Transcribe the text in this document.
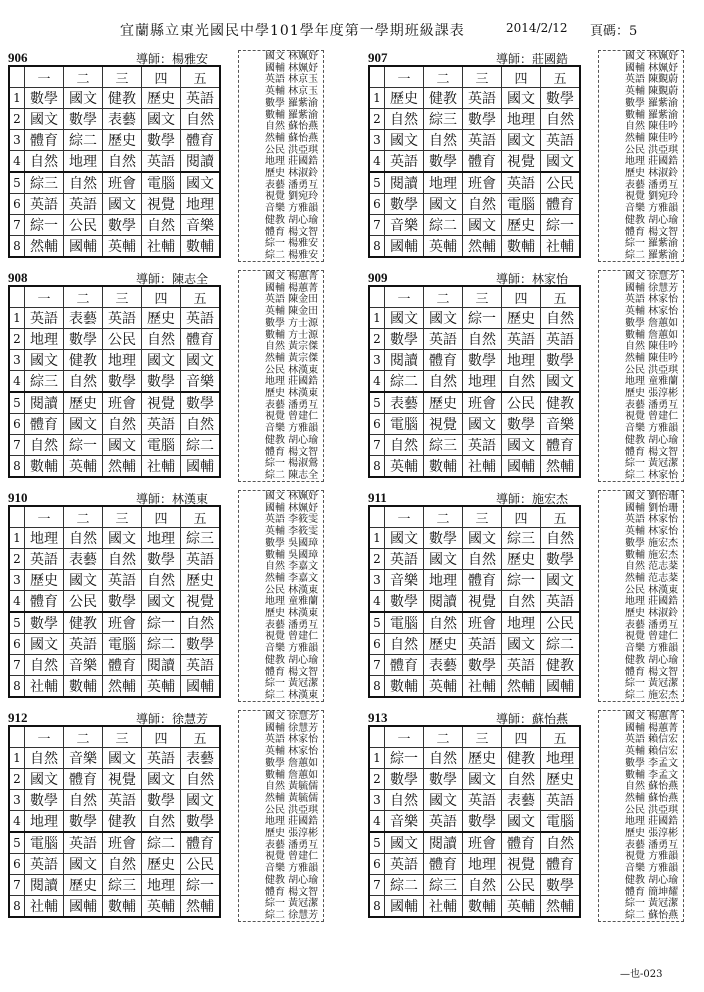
宜蘭縣立東光國民中學101學年度第一學期班級課表	2014/2/12 頁碼：5
906	導師：楊雅安
	一	二	三	四	五
1	數學	國文	健教	歷史	英語
2	國文	數學	表藝	國文	自然
3	體育	綜二	歷史	數學	體育
4	自然	地理	自然	英語	閱讀
5	綜三	自然	班會	電腦	國文
6	英語	英語	國文	視覺	地理
7	綜一	公民	數學	自然	音樂
8	然輔	國輔	英輔	社輔	數輔
國文 林姵妤
國輔 林姵妤
英語 林京玉
英輔 林京玉
數學 羅紫渝
數輔 羅紫渝
自然 蘇怡燕
然輔 蘇怡燕
公民 洪亞琪
地理 莊國鋯
歷史 林淑鈴
表藝 潘勇互
視覺 劉宛玲
音樂 方雅韻
健教 胡心瑜
體育 楊文智
綜一 楊雅安
綜二 楊雅安
907	導師：莊國鋯
	一	二	三	四	五
1	歷史	健教	英語	國文	數學
2	自然	綜三	數學	地理	自然
3	國文	自然	英語	國文	英語
4	英語	數學	體育	視覺	國文
5	閱讀	地理	班會	英語	公民
6	數學	國文	自然	電腦	體育
7	音樂	綜二	國文	歷史	綜一
8	國輔	英輔	然輔	數輔	社輔
國文 林姵妤
國輔 林姵妤
英語 陳覲蔚
英輔 陳覲蔚
數學 羅紫渝
數輔 羅紫渝
自然 陳佳吟
然輔 陳佳吟
公民 洪亞琪
地理 莊國鋯
歷史 林淑鈴
表藝 潘勇互
視覺 劉宛玲
音樂 方雅韻
健教 胡心瑜
體育 楊文智
綜一 羅紫渝
綜二 羅紫渝
908	導師：陳志全
	一	二	三	四	五
1	英語	表藝	英語	歷史	英語
2	地理	數學	公民	自然	體育
3	國文	健教	地理	國文	國文
4	綜三	自然	數學	數學	音樂
5	閱讀	歷史	班會	視覺	數學
6	體育	國文	自然	英語	自然
7	自然	綜一	國文	電腦	綜二
8	數輔	英輔	然輔	社輔	國輔
國文 楊蕙菁
國輔 楊蕙菁
英語 陳金田
英輔 陳金田
數學 方士源
數輔 方士源
自然 黃宗傑
然輔 黃宗傑
公民 林漢東
地理 莊國鋯
歷史 林漢東
表藝 潘勇互
視覺 曾建仁
音樂 方雅韻
健教 胡心瑜
體育 楊文智
綜一 楊淑鶯
綜二 陳志全
909	導師：林家怡
	一	二	三	四	五
1	國文	國文	綜一	歷史	自然
2	數學	英語	自然	英語	英語
3	閱讀	體育	數學	地理	數學
4	綜二	自然	地理	自然	國文
5	表藝	歷史	班會	公民	健教
6	電腦	視覺	國文	數學	音樂
7	自然	綜三	英語	國文	體育
8	英輔	數輔	社輔	國輔	然輔
國文 徐慧芳
國輔 徐慧芳
英語 林家怡
英輔 林家怡
數學 詹蕙如
數輔 詹蕙如
自然 陳佳吟
然輔 陳佳吟
公民 洪亞琪
地理 童雅蘭
歷史 張淳彬
表藝 潘勇互
視覺 曾建仁
音樂 方雅韻
健教 胡心瑜
體育 楊文智
綜一 黃冠潔
綜二 林家怡
910	導師：林漢東
	一	二	三	四	五
1	地理	自然	國文	地理	綜三
2	英語	表藝	自然	數學	英語
3	歷史	國文	英語	自然	歷史
4	體育	公民	數學	國文	視覺
5	數學	健教	班會	綜一	自然
6	國文	英語	電腦	綜二	數學
7	自然	音樂	體育	閱讀	英語
8	社輔	數輔	然輔	英輔	國輔
國文 林姵妤
國輔 林姵妤
英語 李筱雯
英輔 李筱雯
數學 吳國璋
數輔 吳國璋
自然 李嘉文
然輔 李嘉文
公民 林漢東
地理 童雅蘭
歷史 林漢東
表藝 潘勇互
視覺 曾建仁
音樂 方雅韻
健教 胡心瑜
體育 楊文智
綜一 黃冠潔
綜二 林漢東
911	導師：施宏杰
	一	二	三	四	五
1	國文	數學	國文	綜三	自然
2	英語	國文	自然	歷史	數學
3	音樂	地理	體育	綜一	國文
4	數學	閱讀	視覺	自然	英語
5	電腦	自然	班會	地理	公民
6	自然	歷史	英語	國文	綜二
7	體育	表藝	數學	英語	健教
8	數輔	英輔	社輔	然輔	國輔
國文 劉怡珊
國輔 劉怡珊
英語 林家怡
英輔 林家怡
數學 施宏杰
數輔 施宏杰
自然 范志棻
然輔 范志棻
公民 林漢東
地理 莊國鋯
歷史 林淑鈴
表藝 潘勇互
視覺 曾建仁
音樂 方雅韻
健教 胡心瑜
體育 楊文智
綜一 黃冠潔
綜二 施宏杰
912	導師：徐慧芳
	一	二	三	四	五
1	自然	音樂	國文	英語	表藝
2	國文	體育	視覺	國文	自然
3	數學	自然	英語	數學	國文
4	地理	數學	健教	自然	數學
5	電腦	英語	班會	綜二	體育
6	英語	國文	自然	歷史	公民
7	閱讀	歷史	綜三	地理	綜一
8	社輔	國輔	數輔	英輔	然輔
國文 徐慧芳
國輔 徐慧芳
英語 林家怡
英輔 林家怡
數學 詹蕙如
數輔 詹蕙如
自然 黃毓儒
然輔 黃毓儒
公民 洪亞琪
地理 莊國鋯
歷史 張淳彬
表藝 潘勇互
視覺 曾建仁
音樂 方雅韻
健教 胡心瑜
體育 楊文智
綜一 黃冠潔
綜二 徐慧芳
913	導師：蘇怡燕
	一	二	三	四	五
1	綜一	自然	歷史	健教	地理
2	數學	數學	國文	自然	歷史
3	自然	國文	英語	表藝	英語
4	音樂	英語	數學	國文	電腦
5	國文	閱讀	班會	體育	自然
6	英語	體育	地理	視覺	體育
7	綜二	綜三	自然	公民	數學
8	國輔	社輔	數輔	英輔	然輔
國文 楊蕙菁
國輔 楊蕙菁
英語 賴信宏
英輔 賴信宏
數學 李孟文
數輔 李孟文
自然 蘇怡燕
然輔 蘇怡燕
公民 洪亞琪
地理 莊國鋯
歷史 張淳彬
表藝 潘勇互
視覺 方雅韻
音樂 方雅韻
健教 胡心瑜
體育 簡坤耀
綜一 黃冠潔
綜二 蘇怡燕
—也-023
